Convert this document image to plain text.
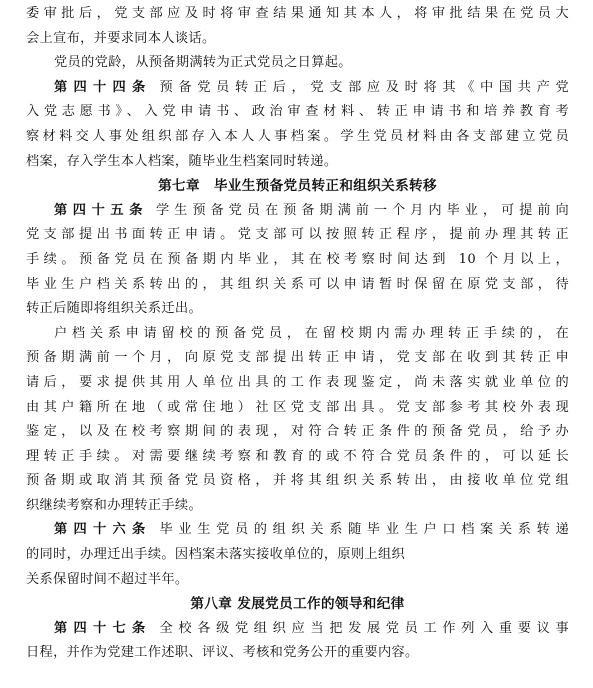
委审批后，党支部应及时将审查结果通知其本人，将审批结果在党员大
会上宣布，并要求同本人谈话。
党员的党龄，从预备期满转为正式党员之日算起。
第四十四条 预备党员转正后，党支部应及时将其《中国共产党
入党志愿书》、入党申请书、政治审查材料、转正申请书和培养教育考
察材料交人事处组织部存入本人人事档案。学生党员材料由各支部建立党员
档案，存入学生本人档案，随毕业生档案同时转递。
第七章　毕业生预备党员转正和组织关系转移
第四十五条 学生预备党员在预备期满前一个月内毕业，可提前向
党支部提出书面转正申请。党支部可以按照转正程序，提前办理其转正
手续。预备党员在预备期内毕业，其在校考察时间达到 10 个月以上，
毕业生户档关系转出的，其组织关系可以申请暂时保留在原党支部，待
转正后随即将组织关系迁出。
户档关系申请留校的预备党员，在留校期内需办理转正手续的，在
预备期满前一个月，向原党支部提出转正申请，党支部在收到其转正申
请后，要求提供其用人单位出具的工作表现鉴定，尚未落实就业单位的
由其户籍所在地（或常住地）社区党支部出具。党支部参考其校外表现
鉴定，以及在校考察期间的表现，对符合转正条件的预备党员，给予办
理转正手续。对需要继续考察和教育的或不符合党员条件的，可以延长
预备期或取消其预备党员资格，并将其组织关系转出，由接收单位党组
织继续考察和办理转正手续。
第四十六条 毕业生党员的组织关系随毕业生户口档案关系转递
的同时，办理迁出手续。因档案未落实接收单位的，原则上组织
关系保留时间不超过半年。
第八章 发展党员工作的领导和纪律
第四十七条 全校各级党组织应当把发展党员工作列入重要议事
日程，并作为党建工作述职、评议、考核和党务公开的重要内容。
